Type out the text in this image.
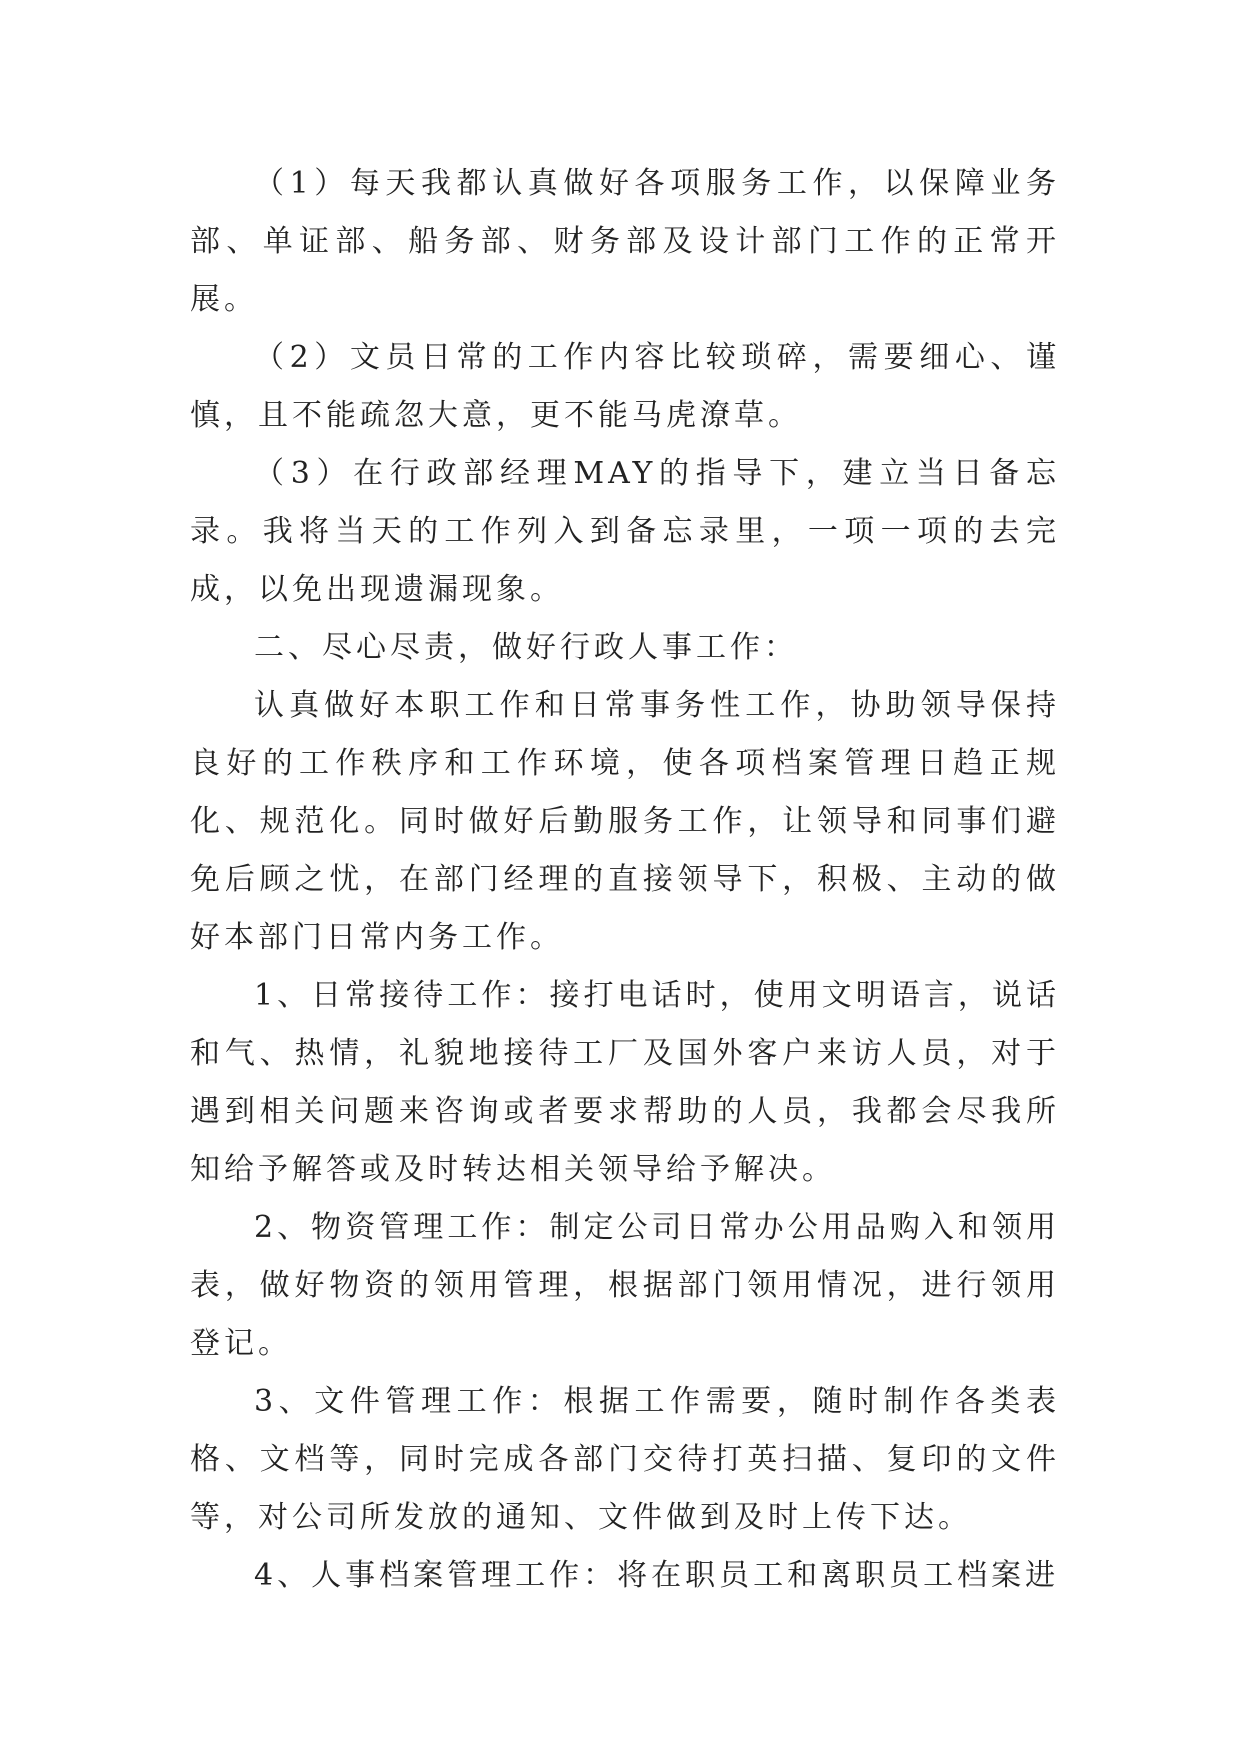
（1）每天我都认真做好各项服务工作，以保障业务部、单证部、船务部、财务部及设计部门工作的正常开展。

（2）文员日常的工作内容比较琐碎，需要细心、谨慎，且不能疏忽大意，更不能马虎潦草。

（3）在行政部经理MAY的指导下，建立当日备忘录。我将当天的工作列入到备忘录里，一项一项的去完成，以免出现遗漏现象。

二、尽心尽责，做好行政人事工作：

认真做好本职工作和日常事务性工作，协助领导保持良好的工作秩序和工作环境，使各项档案管理日趋正规化、规范化。同时做好后勤服务工作，让领导和同事们避免后顾之忧，在部门经理的直接领导下，积极、主动的做好本部门日常内务工作。

1、日常接待工作：接打电话时，使用文明语言，说话和气、热情，礼貌地接待工厂及国外客户来访人员，对于遇到相关问题来咨询或者要求帮助的人员，我都会尽我所知给予解答或及时转达相关领导给予解决。

2、物资管理工作：制定公司日常办公用品购入和领用表，做好物资的领用管理，根据部门领用情况，进行领用登记。

3、文件管理工作：根据工作需要，随时制作各类表格、文档等，同时完成各部门交待打英扫描、复印的文件等，对公司所发放的通知、文件做到及时上传下达。

4、人事档案管理工作：将在职员工和离职员工档案进
